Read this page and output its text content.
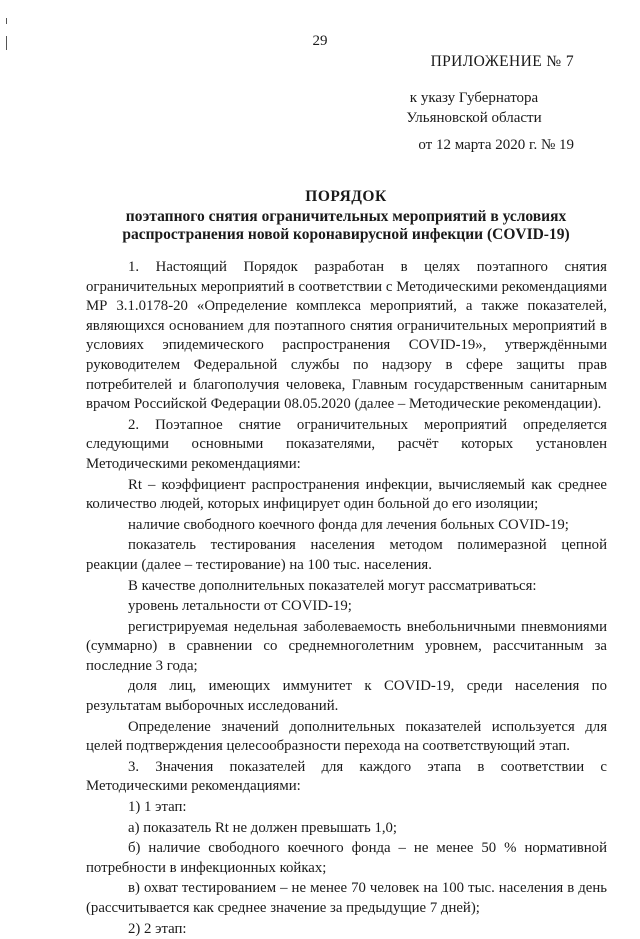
29
ПРИЛОЖЕНИЕ № 7
к указу Губернатора
Ульяновской области
от 12 марта 2020 г. № 19
ПОРЯДОК
поэтапного снятия ограничительных мероприятий в условиях
распространения новой коронавирусной инфекции (COVID-19)

1. Настоящий Порядок разработан в целях поэтапного снятия ограничительных мероприятий в соответствии с Методическими рекомендациями МР 3.1.0178-20 «Определение комплекса мероприятий, а также показателей, являющихся основанием для поэтапного снятия ограничительных мероприятий в условиях эпидемического распространения COVID-19», утверждёнными руководителем Федеральной службы по надзору в сфере защиты прав потребителей и благополучия человека, Главным государственным санитарным врачом Российской Федерации 08.05.2020 (далее – Методические рекомендации).

2. Поэтапное снятие ограничительных мероприятий определяется следующими основными показателями, расчёт которых установлен Методическими рекомендациями:

Rt – коэффициент распространения инфекции, вычисляемый как среднее количество людей, которых инфицирует один больной до его изоляции;

наличие свободного коечного фонда для лечения больных COVID-19;

показатель тестирования населения методом полимеразной цепной реакции (далее – тестирование) на 100 тыс. населения.

В качестве дополнительных показателей могут рассматриваться:

уровень летальности от COVID-19;

регистрируемая недельная заболеваемость внебольничными пневмониями (суммарно) в сравнении со среднемноголетним уровнем, рассчитанным за последние 3 года;

доля лиц, имеющих иммунитет к COVID-19, среди населения по результатам выборочных исследований.

Определение значений дополнительных показателей используется для целей подтверждения целесообразности перехода на соответствующий этап.

3. Значения показателей для каждого этапа в соответствии с Методическими рекомендациями:

1) 1 этап:

а) показатель Rt не должен превышать 1,0;

б) наличие свободного коечного фонда – не менее 50 % нормативной потребности в инфекционных койках;

в) охват тестированием – не менее 70 человек на 100 тыс. населения в день (рассчитывается как среднее значение за предыдущие 7 дней);

2) 2 этап:
